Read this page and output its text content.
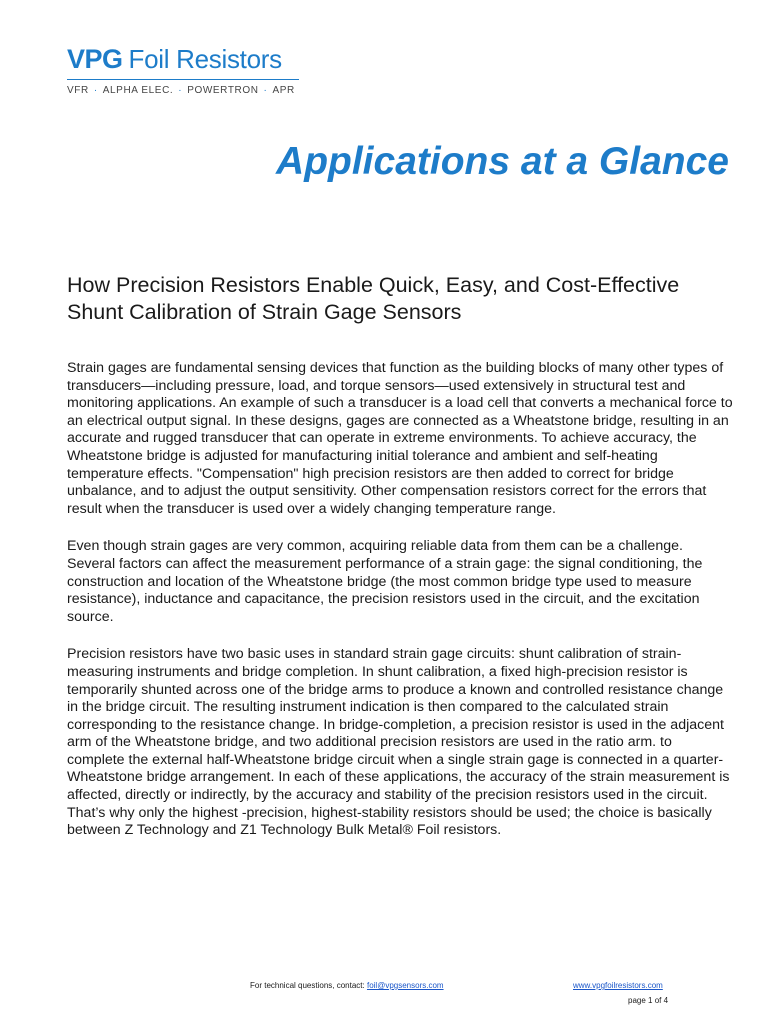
VPG Foil Resistors
VFR · ALPHA ELEC. · POWERTRON · APR
Applications at a Glance
How Precision Resistors Enable Quick, Easy, and Cost-Effective Shunt Calibration of Strain Gage Sensors

Strain gages are fundamental sensing devices that function as the building blocks of many other types of transducers—including pressure, load, and torque sensors—used extensively in structural test and monitoring applications. An example of such a transducer is a load cell that converts a mechanical force to an electrical output signal. In these designs, gages are connected as a Wheatstone bridge, resulting in an accurate and rugged transducer that can operate in extreme environments. To achieve accuracy, the Wheatstone bridge is adjusted for manufacturing initial tolerance and ambient and self-heating temperature effects. "Compensation" high precision resistors are then added to correct for bridge unbalance, and to adjust the output sensitivity. Other compensation resistors correct for the errors that result when the transducer is used over a widely changing temperature range.

Even though strain gages are very common, acquiring reliable data from them can be a challenge. Several factors can affect the measurement performance of a strain gage: the signal conditioning, the construction and location of the Wheatstone bridge (the most common bridge type used to measure resistance), inductance and capacitance, the precision resistors used in the circuit, and the excitation source.

Precision resistors have two basic uses in standard strain gage circuits: shunt calibration of strain-measuring instruments and bridge completion. In shunt calibration, a fixed high-precision resistor is temporarily shunted across one of the bridge arms to produce a known and controlled resistance change in the bridge circuit. The resulting instrument indication is then compared to the calculated strain corresponding to the resistance change. In bridge-completion, a precision resistor is used in the adjacent arm of the Wheatstone bridge, and two additional precision resistors are used in the ratio arm. to complete the external half-Wheatstone bridge circuit when a single strain gage is connected in a quarter-Wheatstone bridge arrangement. In each of these applications, the accuracy of the strain measurement is affected, directly or indirectly, by the accuracy and stability of the precision resistors used in the circuit. That’s why only the highest -precision, highest-stability resistors should be used; the choice is basically between Z Technology and Z1 Technology Bulk Metal® Foil resistors.

For technical questions, contact: foil@vpgsensors.com	www.vpgfoilresistors.com
page 1 of 4
